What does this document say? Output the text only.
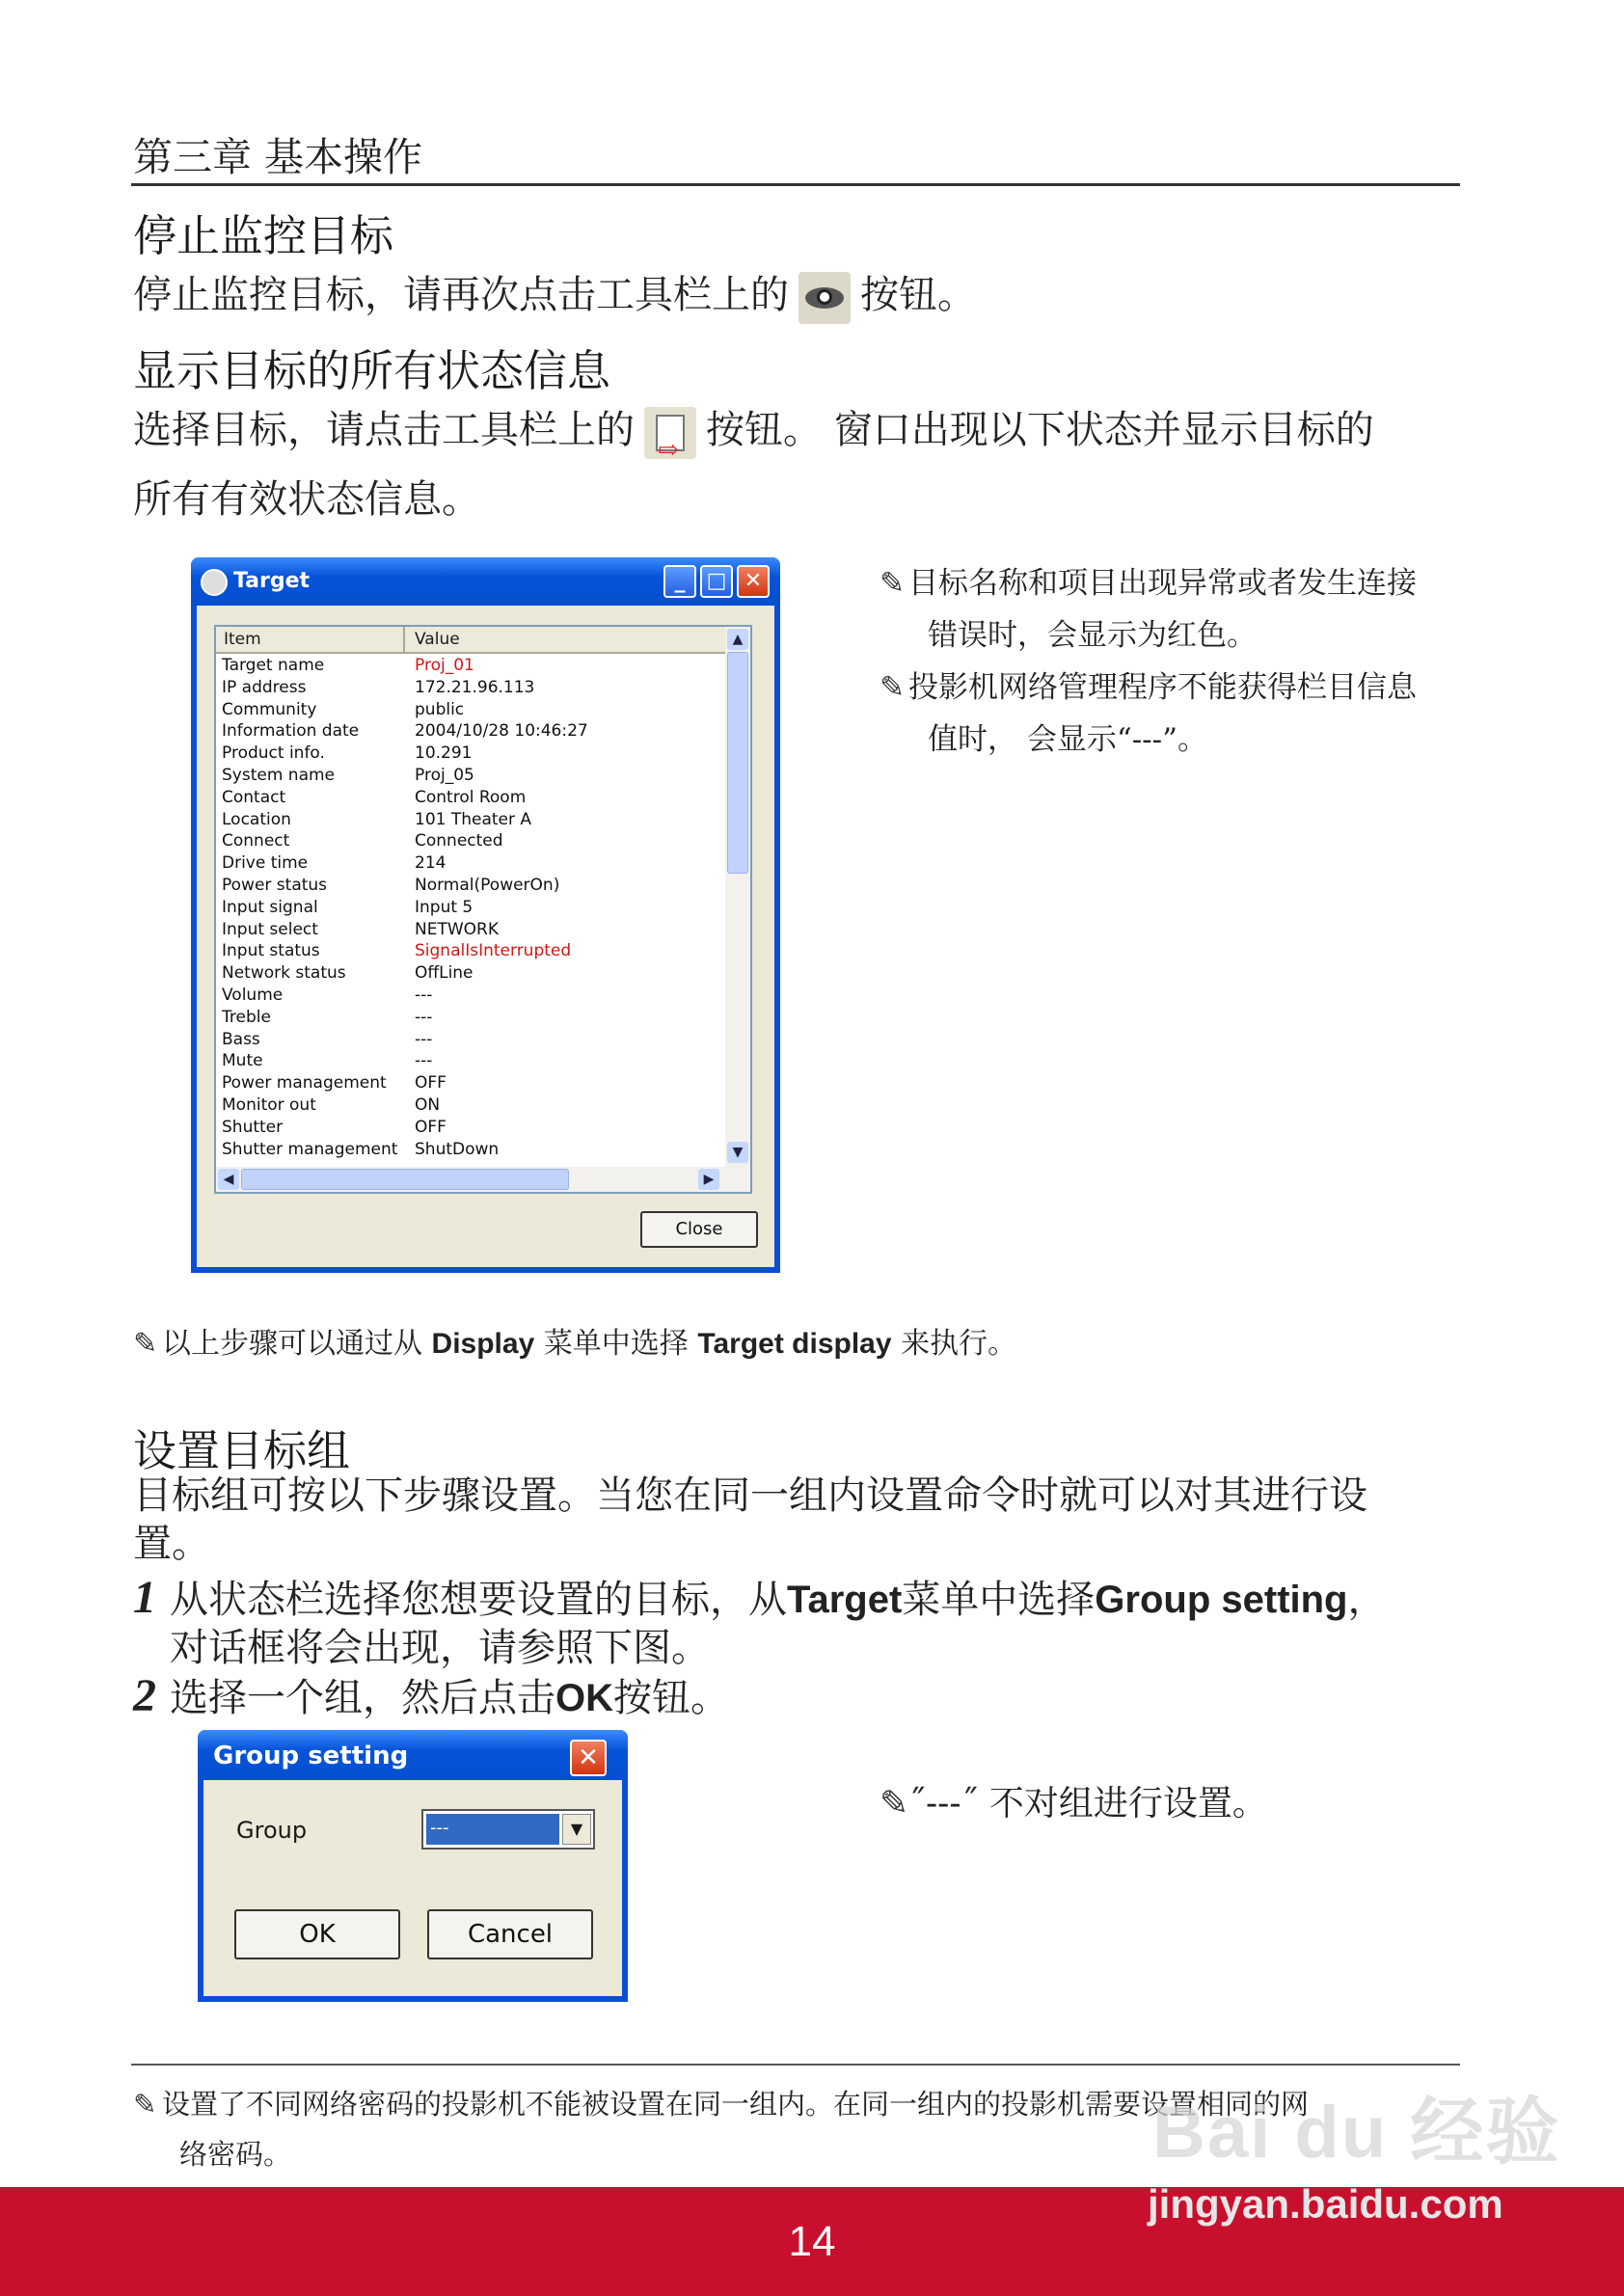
第三章 基本操作
停止监控目标
停止监控目标，请再次点击工具栏上的 按钮。
显示目标的所有状态信息
选择目标，请点击工具栏上的⇨ 按钮。 窗口出现以下状态并显示目标的
所有有效状态信息。
Target	_	□ ✕
Item	Value
Target name	Proj_01
IP address	172.21.96.113
Community	public
Information date	2004/10/28 10:46:27
Product info.	10.291
System name	Proj_05
Contact	Control Room
Location	101 Theater A
Connect	Connected
Drive time	214
Power status	Normal(PowerOn)
Input signal	Input 5
Input select	NETWORK
Input status	SignalIsInterrupted
Network status	OffLine
Volume	---
Treble	---
Bass	---
Mute	---
Power management OFF
Monitor out	ON
Shutter	OFF
Shutter management ShutDown
▲
▼
◀	▶
Close
✎ 目标名称和项目出现异常或者发生连接
错误时，会显示为红色。
✎ 投影机网络管理程序不能获得栏目信息
值时， 会显示“---”。
✎ 以上步骤可以通过从 Display 菜单中选择 Target display 来执行。
设置目标组
目标组可按以下步骤设置。当您在同一组内设置命令时就可以对其进行设
置。
1 从状态栏选择您想要设置的目标，从Target菜单中选择Group setting，
对话框将会出现，请参照下图。
2 选择一个组，然后点击OK按钮。
Group setting	✕
Group	---	▼
OK	Cancel
✎˝---˝ 不对组进行设置。
✎ 设置了不同网络密码的投影机不能被设置在同一组内。在同一组内的投影机需要设置相同的网
络密码。	Bai du 经验
14
jingyan.baidu.com
